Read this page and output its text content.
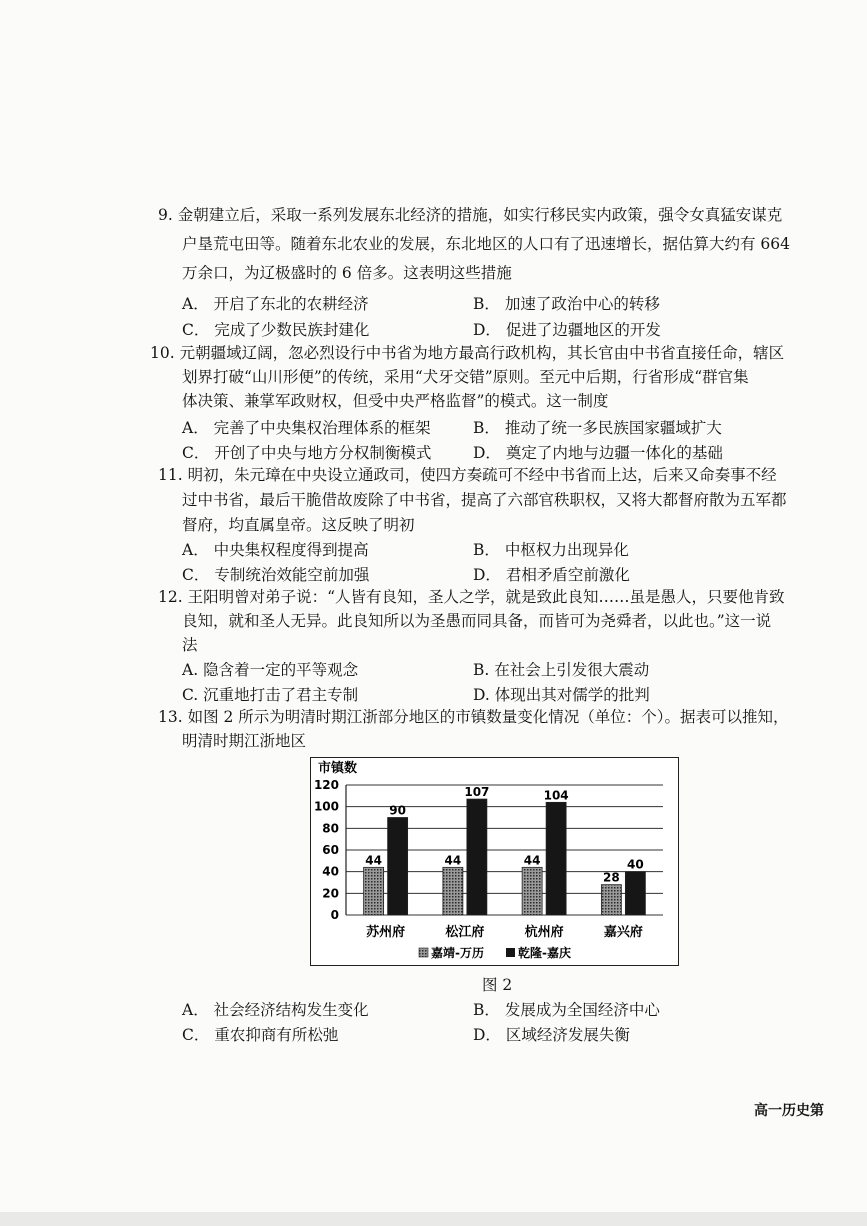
9. 金朝建立后，采取一系列发展东北经济的措施，如实行移民实内政策，强令女真猛安谋克
户垦荒屯田等。随着东北农业的发展，东北地区的人口有了迅速增长，据估算大约有 664
万余口，为辽极盛时的 6 倍多。这表明这些措施
A． 开启了东北的农耕经济	B． 加速了政治中心的转移
C． 完成了少数民族封建化	D． 促进了边疆地区的开发
10. 元朝疆域辽阔，忽必烈设行中书省为地方最高行政机构，其长官由中书省直接任命，辖区
划界打破“山川形便”的传统，采用“犬牙交错”原则。至元中后期，行省形成“群官集
体决策、兼掌军政财权，但受中央严格监督”的模式。这一制度
A． 完善了中央集权治理体系的框架	B． 推动了统一多民族国家疆域扩大
C． 开创了中央与地方分权制衡模式	D． 奠定了内地与边疆一体化的基础
11. 明初，朱元璋在中央设立通政司，使四方奏疏可不经中书省而上达，后来又命奏事不经
过中书省，最后干脆借故废除了中书省，提高了六部官秩职权，又将大都督府散为五军都
督府，均直属皇帝。这反映了明初
A． 中央集权程度得到提高	B． 中枢权力出现异化
C． 专制统治效能空前加强	D． 君相矛盾空前激化
12. 王阳明曾对弟子说：“人皆有良知，圣人之学，就是致此良知……虽是愚人，只要他肯致
良知，就和圣人无异。此良知所以为圣愚而同具备，而皆可为尧舜者，以此也。”这一说
法
A. 隐含着一定的平等观念	B. 在社会上引发很大震动
C. 沉重地打击了君主专制	D. 体现出其对儒学的批判
13. 如图 2 所示为明清时期江浙部分地区的市镇数量变化情况（单位：个）。据表可以推知，
明清时期江浙地区
市镇数
0
20
40
60
80
100
120
44
90
苏州府
44
107
松江府
44
104
杭州府
28
40
嘉兴府
嘉靖-万历	乾隆-嘉庆
图 2
A． 社会经济结构发生变化	B． 发展成为全国经济中心
C． 重农抑商有所松弛	D． 区域经济发展失衡
高一历史第
